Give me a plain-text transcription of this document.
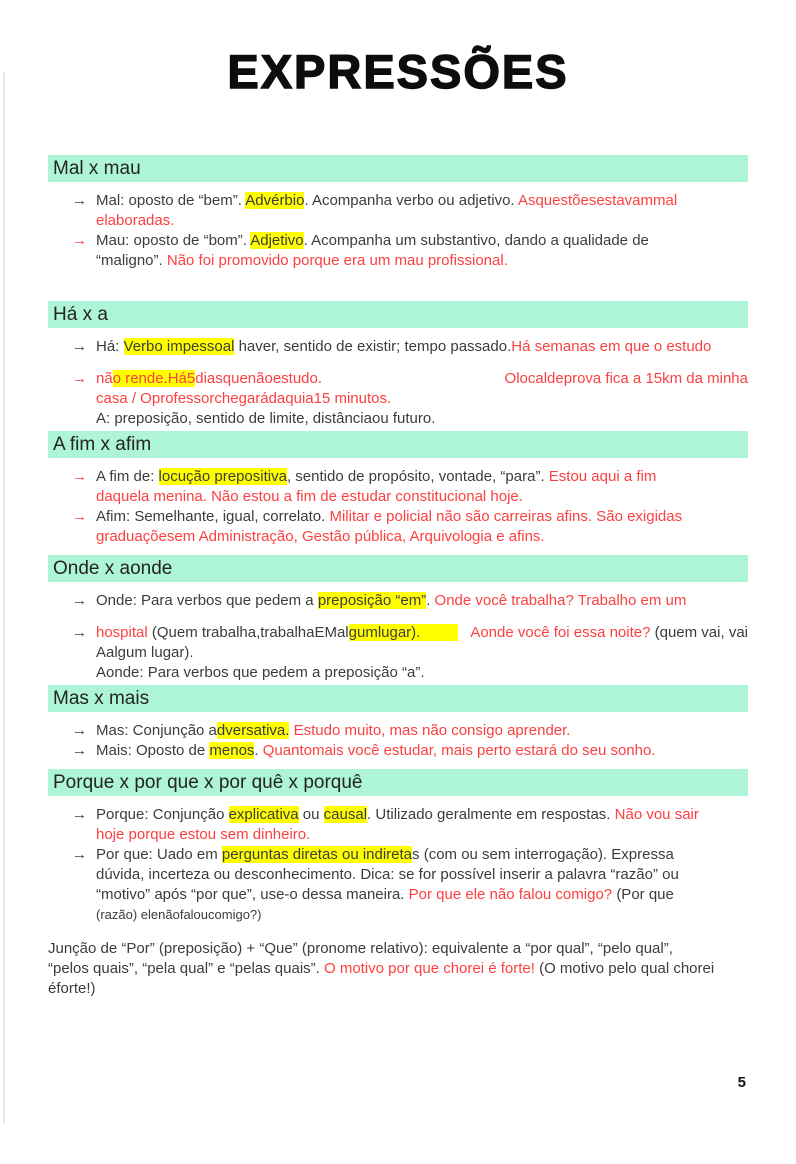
EXPRESSÕES
Mal x mau
→ Mal: oposto de “bem”. Advérbio. Acompanha verbo ou adjetivo. Asquestõesestavammal
elaboradas.
→ Mau: oposto de “bom”. Adjetivo. Acompanha um substantivo, dando a qualidade de
“maligno”. Não foi promovido porque era um mau profissional.
Há x a
→ Há: Verbo impessoal haver, sentido de existir; tempo passado.Há semanas em que o estudo
→ não rende.Há5diasquenãoestudo.	Olocaldeprova fica a 15km da minha
casa / Oprofessorchegarádaquia15 minutos.
A: preposição, sentido de limite, distânciaou futuro.
A fim x afim
→ A fim de: locução prepositiva, sentido de propósito, vontade, “para”. Estou aqui a fim
daquela menina. Não estou a fim de estudar constitucional hoje.
→ Afim: Semelhante, igual, correlato. Militar e policial não são carreiras afins. São exigidas
graduaçõesem Administração, Gestão pública, Arquivologia e afins.
Onde x aonde
→ Onde: Para verbos que pedem a preposição “em”. Onde você trabalha? Trabalho em um
→ hospital (Quem trabalha,trabalhaEMalgumlugar). Aonde você foi essa noite? (quem vai, vai
Aalgum lugar).
Aonde: Para verbos que pedem a preposição “a”.
Mas x mais
→ Mas: Conjunção adversativa. Estudo muito, mas não consigo aprender.
→ Mais: Oposto de menos. Quantomais você estudar, mais perto estará do seu sonho.
Porque x por que x por quê x porquê
→ Porque: Conjunção explicativa ou causal. Utilizado geralmente em respostas. Não vou sair
hoje porque estou sem dinheiro.
→ Por que: Uado em perguntas diretas ou indiretas (com ou sem interrogação). Expressa
dúvida, incerteza ou desconhecimento. Dica: se for possível inserir a palavra “razão” ou
“motivo” após “por que”, use-o dessa maneira. Por que ele não falou comigo? (Por que
(razão) elenãofaloucomigo?)
Junção de “Por” (preposição) + “Que” (pronome relativo): equivalente a “por qual”, “pelo qual”,
“pelos quais”, “pela qual” e “pelas quais”. O motivo por que chorei é forte! (O motivo pelo qual chorei
éforte!)
5
